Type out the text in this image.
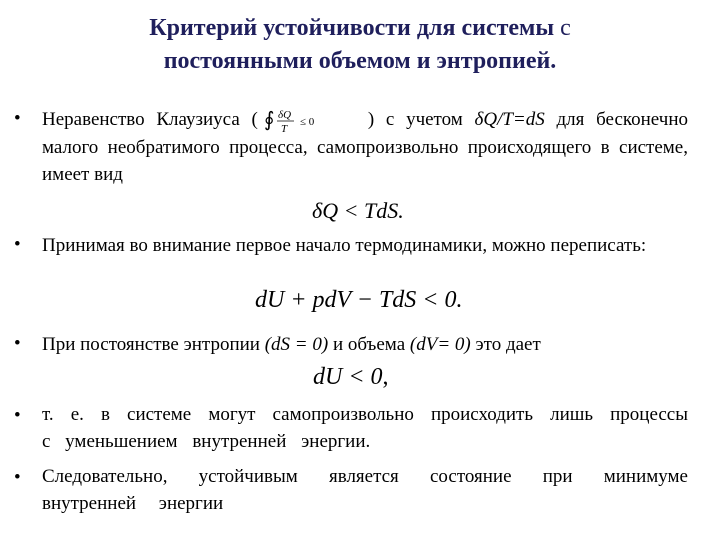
Критерий устойчивости для системы с
постоянными объемом и энтропией.
• Неравенство Клаузиуса ( ∮ δQ
T
≤ 0	) с учетом δQ/T=dS для бесконечно малого необратимого процесса, самопроизвольно происходящего в системе, имеет вид
δQ < TdS.
• Принимая во внимание первое начало термодинамики, можно переписать:
dU + pdV − TdS < 0.
• При постоянстве энтропии (dS = 0) и объема (dV= 0) это дает
dU < 0,
• т. е. в системе могут самопроизвольно происходить лишь процессы с уменьшением внутренней энергии.
• Следовательно, устойчивым является состояние при минимуме внутренней энергии
